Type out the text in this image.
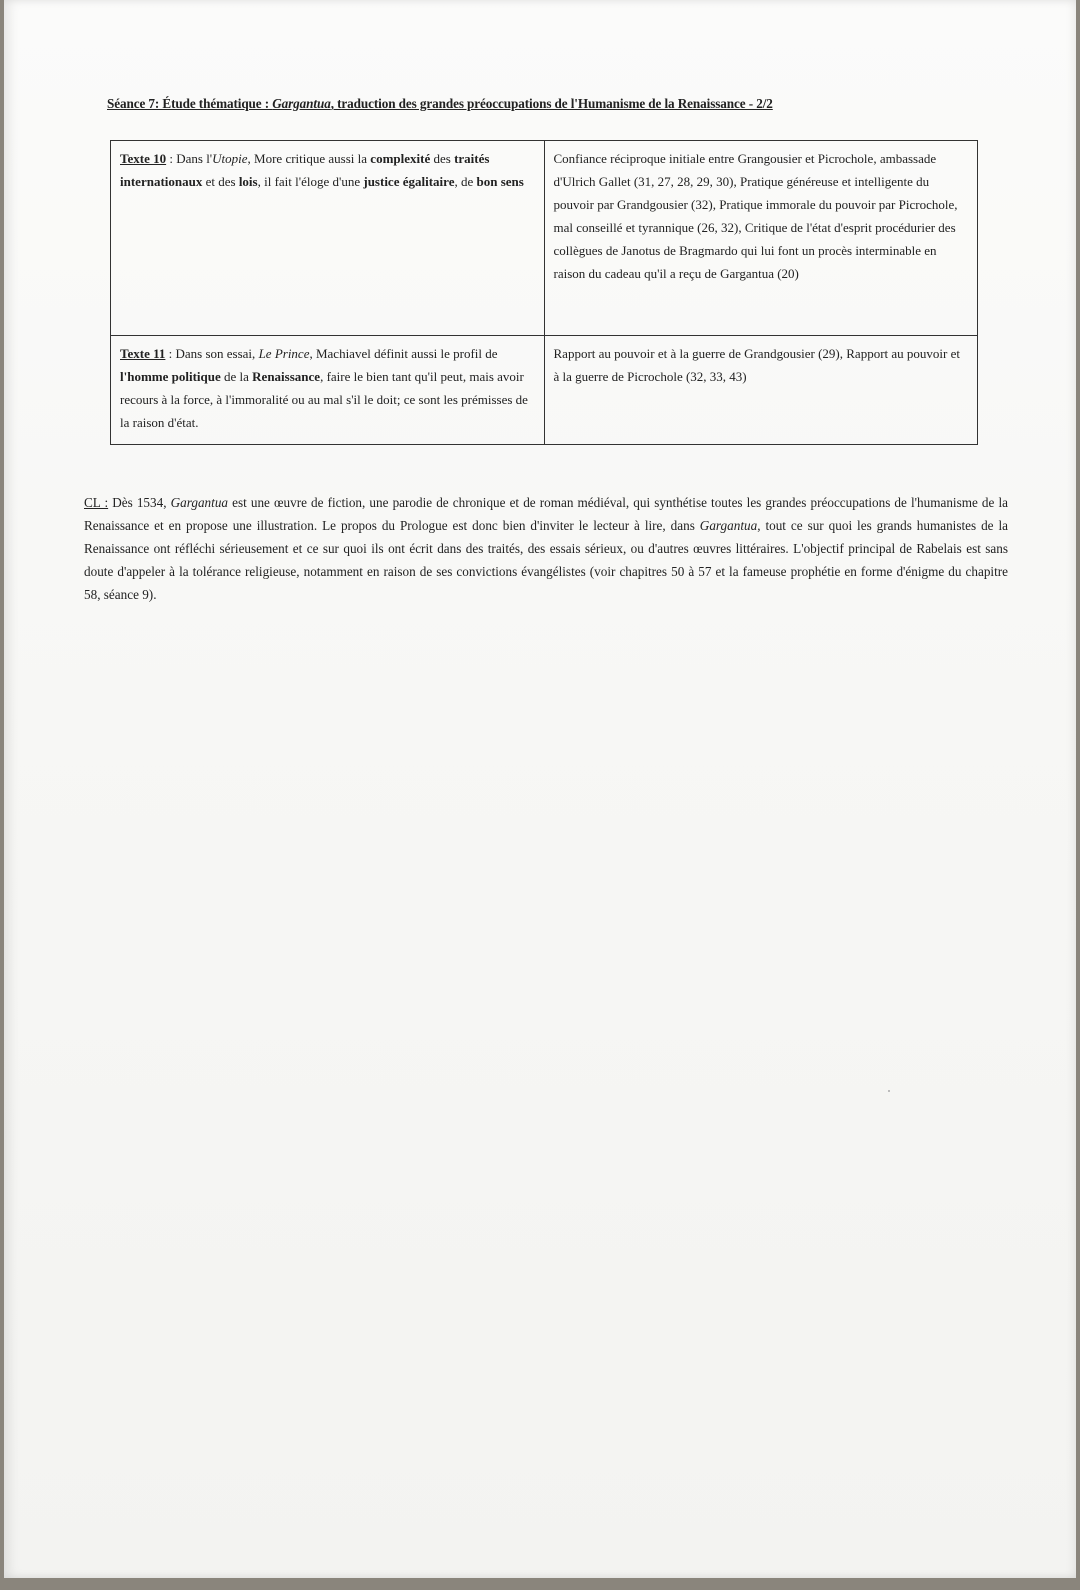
Séance 7: Étude thématique : Gargantua, traduction des grandes préoccupations de l'Humanisme de la Renaissance - 2/2
Texte 10 : Dans l'Utopie, More critique aussi la complexité des traités internationaux et des lois, il fait l'éloge d'une justice égalitaire, de bon sens	Confiance réciproque initiale entre Grangousier et Picrochole, ambassade d'Ulrich Gallet (31, 27, 28, 29, 30), Pratique généreuse et intelligente du pouvoir par Grandgousier (32), Pratique immorale du pouvoir par Picrochole, mal conseillé et tyrannique (26, 32), Critique de l'état d'esprit procédurier des collègues de Janotus de Bragmardo qui lui font un procès interminable en raison du cadeau qu'il a reçu de Gargantua (20)
Texte 11 : Dans son essai, Le Prince, Machiavel définit aussi le profil de l'homme politique de la Renaissance, faire le bien tant qu'il peut, mais avoir recours à la force, à l'immoralité ou au mal s'il le doit; ce sont les prémisses de la raison d'état.	Rapport au pouvoir et à la guerre de Grandgousier (29), Rapport au pouvoir et à la guerre de Picrochole (32, 33, 43)

CL : Dès 1534, Gargantua est une œuvre de fiction, une parodie de chronique et de roman médiéval, qui synthétise toutes les grandes préoccupations de l'humanisme de la Renaissance et en propose une illustration. Le propos du Prologue est donc bien d'inviter le lecteur à lire, dans Gargantua, tout ce sur quoi les grands humanistes de la Renaissance ont réfléchi sérieusement et ce sur quoi ils ont écrit dans des traités, des essais sérieux, ou d'autres œuvres littéraires. L'objectif principal de Rabelais est sans doute d'appeler à la tolérance religieuse, notamment en raison de ses convictions évangélistes (voir chapitres 50 à 57 et la fameuse prophétie en forme d'énigme du chapitre 58, séance 9).
